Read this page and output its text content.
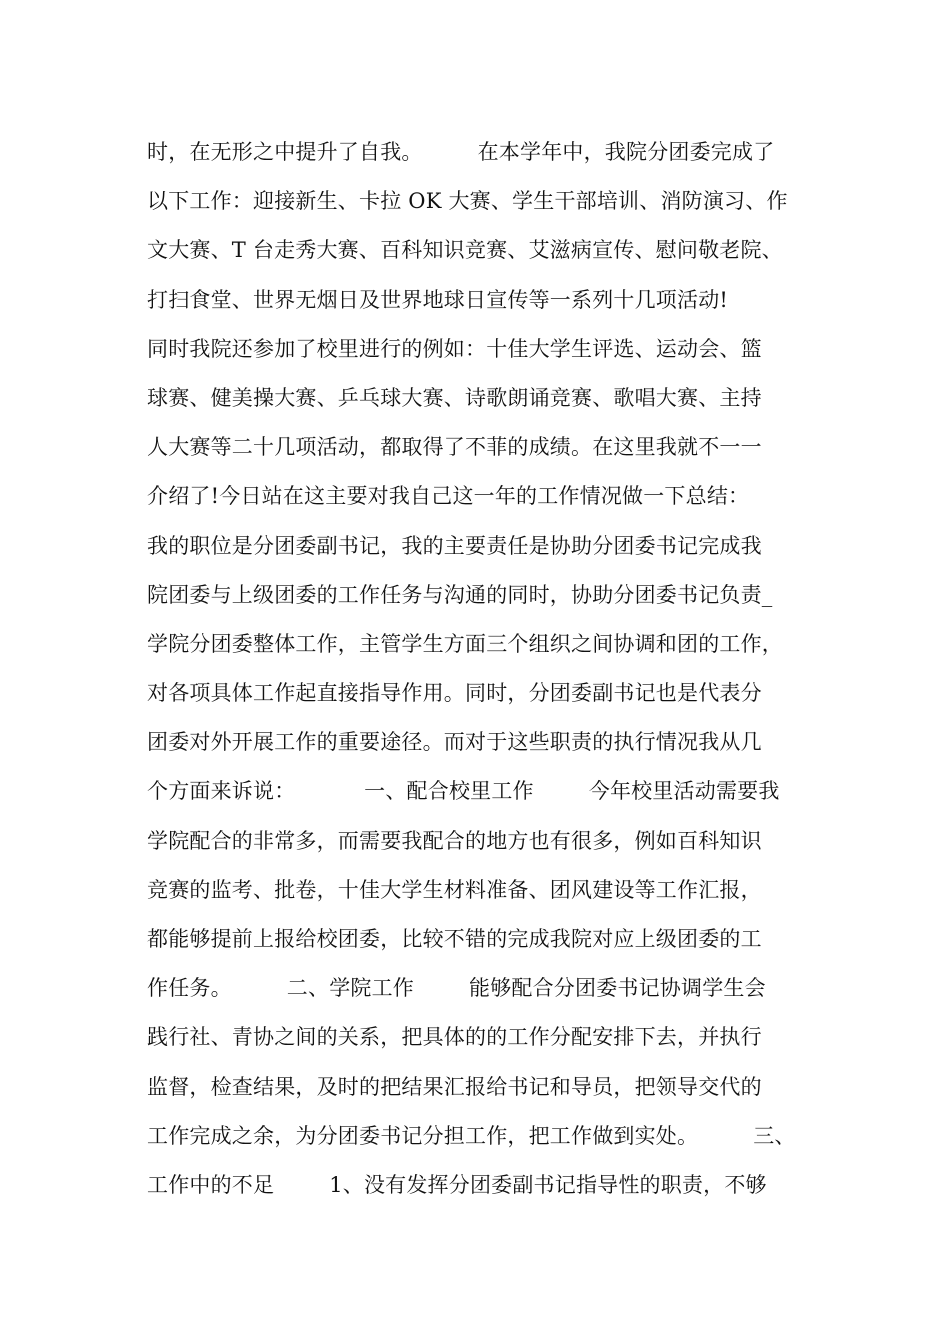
时，在无形之中提升了自我。        在本学年中，我院分团委完成了
以下工作：迎接新生、卡拉 OK 大赛、学生干部培训、消防演习、作
文大赛、T 台走秀大赛、百科知识竞赛、艾滋病宣传、慰问敬老院、
打扫食堂、世界无烟日及世界地球日宣传等一系列十几项活动!
同时我院还参加了校里进行的例如：十佳大学生评选、运动会、篮
球赛、健美操大赛、乒乓球大赛、诗歌朗诵竞赛、歌唱大赛、主持
人大赛等二十几项活动，都取得了不菲的成绩。在这里我就不一一
介绍了!今日站在这主要对我自己这一年的工作情况做一下总结：
我的职位是分团委副书记，我的主要责任是协助分团委书记完成我
院团委与上级团委的工作任务与沟通的同时，协助分团委书记负责_
学院分团委整体工作，主管学生方面三个组织之间协调和团的工作，
对各项具体工作起直接指导作用。同时，分团委副书记也是代表分
团委对外开展工作的重要途径。而对于这些职责的执行情况我从几
个方面来诉说：          一、配合校里工作        今年校里活动需要我
学院配合的非常多，而需要我配合的地方也有很多，例如百科知识
竞赛的监考、批卷，十佳大学生材料准备、团风建设等工作汇报，
都能够提前上报给校团委，比较不错的完成我院对应上级团委的工
作任务。        二、学院工作        能够配合分团委书记协调学生会
践行社、青协之间的关系，把具体的的工作分配安排下去，并执行
监督，检查结果，及时的把结果汇报给书记和导员，把领导交代的
工作完成之余，为分团委书记分担工作，把工作做到实处。        三、
工作中的不足        1、没有发挥分团委副书记指导性的职责，不够
